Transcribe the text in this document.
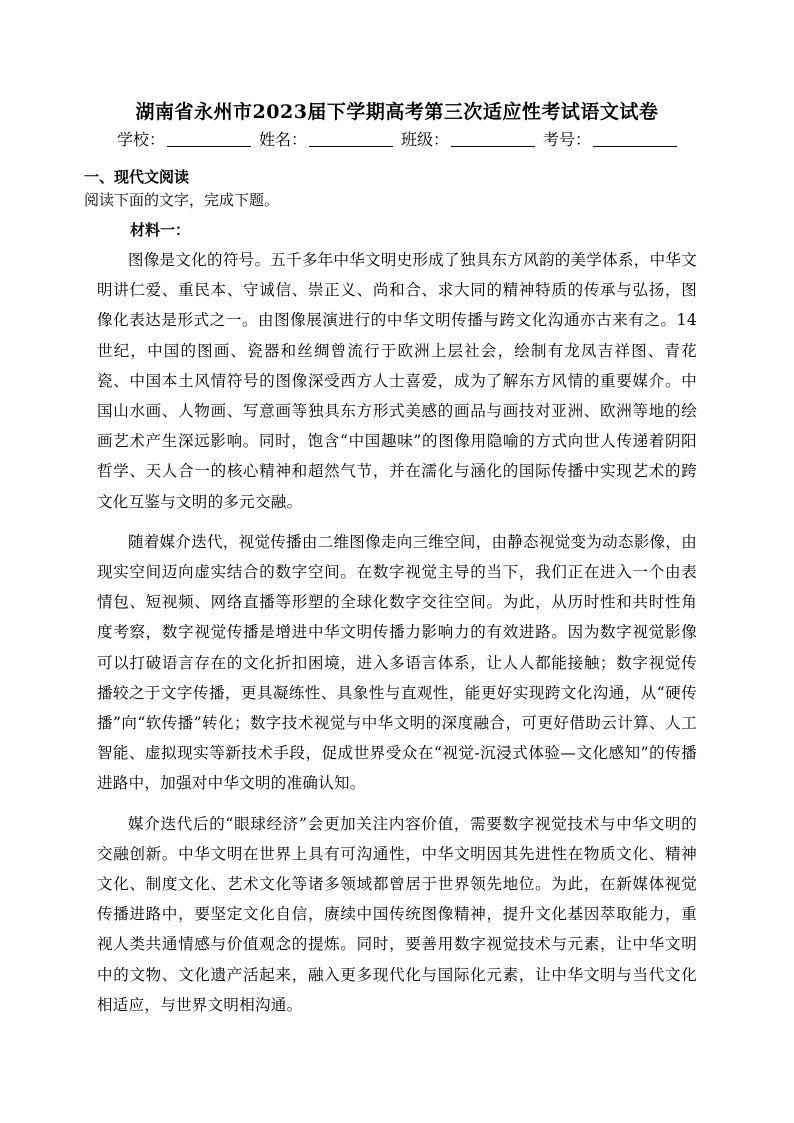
湖南省永州市2023届下学期高考第三次适应性考试语文试卷
学校：	姓名：	班级：	考号：
一、现代文阅读
阅读下面的文字，完成下题。
材料一：

图像是文化的符号。五千多年中华文明史形成了独具东方风韵的美学体系，中华文明讲仁爱、重民本、守诚信、崇正义、尚和合、求大同的精神特质的传承与弘扬，图像化表达是形式之一。由图像展演进行的中华文明传播与跨文化沟通亦古来有之。14世纪，中国的图画、瓷器和丝绸曾流行于欧洲上层社会，绘制有龙凤吉祥图、青花瓷、中国本土风情符号的图像深受西方人士喜爱，成为了解东方风情的重要媒介。中国山水画、人物画、写意画等独具东方形式美感的画品与画技对亚洲、欧洲等地的绘画艺术产生深远影响。同时，饱含“中国趣味”的图像用隐喻的方式向世人传递着阴阳哲学、天人合一的核心精神和超然气节，并在濡化与涵化的国际传播中实现艺术的跨文化互鉴与文明的多元交融。

随着媒介迭代，视觉传播由二维图像走向三维空间，由静态视觉变为动态影像，由现实空间迈向虚实结合的数字空间。在数字视觉主导的当下，我们正在进入一个由表情包、短视频、网络直播等形塑的全球化数字交往空间。为此，从历时性和共时性角度考察，数字视觉传播是增进中华文明传播力影响力的有效进路。因为数字视觉影像可以打破语言存在的文化折扣困境，进入多语言体系，让人人都能接触；数字视觉传播较之于文字传播，更具凝练性、具象性与直观性，能更好实现跨文化沟通，从“硬传播”向“软传播”转化；数字技术视觉与中华文明的深度融合，可更好借助云计算、人工智能、虚拟现实等新技术手段，促成世界受众在“视觉-沉浸式体验—文化感知”的传播进路中，加强对中华文明的准确认知。

媒介迭代后的“眼球经济”会更加关注内容价值，需要数字视觉技术与中华文明的交融创新。中华文明在世界上具有可沟通性，中华文明因其先进性在物质文化、精神文化、制度文化、艺术文化等诸多领域都曾居于世界领先地位。为此，在新媒体视觉传播进路中，要坚定文化自信，赓续中国传统图像精神，提升文化基因萃取能力，重视人类共通情感与价值观念的提炼。同时，要善用数字视觉技术与元素，让中华文明中的文物、文化遗产活起来，融入更多现代化与国际化元素，让中华文明与当代文化相适应，与世界文明相沟通。
